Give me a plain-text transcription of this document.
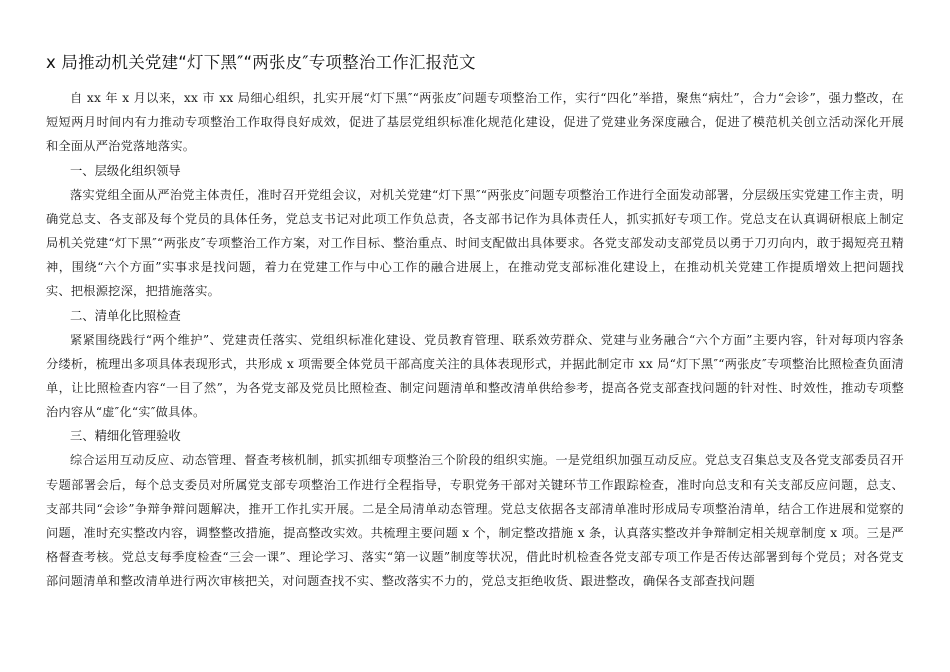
x 局推动机关党建“灯下黑″“两张皮″专项整治工作汇报范文

自 xx 年 x 月以来，xx 市 xx 局细心组织，扎实开展“灯下黑″“两张皮″问题专项整治工作，实行“四化”举措，聚焦“病灶”，合力“会诊”，强力整改，在短短两月时间内有力推动专项整治工作取得良好成效，促进了基层党组织标准化规范化建设，促进了党建业务深度融合，促进了模范机关创立活动深化开展和全面从严治党落地落实。

一、层级化组织领导

落实党组全面从严治党主体责任，准时召开党组会议，对机关党建“灯下黑″“两张皮″问题专项整治工作进行全面发动部署，分层级压实党建工作主责，明确党总支、各支部及每个党员的具体任务，党总支书记对此项工作负总责，各支部书记作为具体责任人，抓实抓好专项工作。党总支在认真调研根底上制定局机关党建“灯下黑″“两张皮″专项整治工作方案，对工作目标、整治重点、时间支配做出具体要求。各党支部发动支部党员以勇于刀刃向内，敢于揭短亮丑精神，围绕“六个方面”实事求是找问题，着力在党建工作与中心工作的融合进展上，在推动党支部标准化建设上，在推动机关党建工作提质增效上把问题找实、把根源挖深，把措施落实。

二、清单化比照检查

紧紧围绕践行“两个维护”、党建责任落实、党组织标准化建设、党员教育管理、联系效劳群众、党建与业务融合“六个方面”主要内容，针对每项内容条分缕析，梳理出多项具体表现形式，共形成 x 项需要全体党员干部高度关注的具体表现形式，并据此制定市 xx 局“灯下黑″“两张皮″专项整治比照检查负面清单，让比照检查内容“一目了然”，为各党支部及党员比照检查、制定问题清单和整改清单供给参考，提高各党支部查找问题的针对性、时效性，推动专项整治内容从“虚″化“实″做具体。

三、精细化管理验收

综合运用互动反应、动态管理、督查考核机制，抓实抓细专项整治三个阶段的组织实施。一是党组织加强互动反应。党总支召集总支及各党支部委员召开专题部署会后，每个总支委员对所属党支部专项整治工作进行全程指导，专职党务干部对关键环节工作跟踪检查，准时向总支和有关支部反应问题，总支、支部共同“会诊”争辩争辩问题解决，推开工作扎实开展。二是全局清单动态管理。党总支依据各支部清单准时形成局专项整治清单，结合工作进展和觉察的问题，准时充实整改内容，调整整改措施，提高整改实效。共梳理主要问题 x 个，制定整改措施 x 条，认真落实整改并争辩制定相关规章制度 x 项。三是严格督查考核。党总支每季度检查“三会一课”、理论学习、落实“第一议题”制度等状况，借此时机检查各党支部专项工作是否传达部署到每个党员；对各党支部问题清单和整改清单进行两次审核把关，对问题查找不实、整改落实不力的，党总支拒绝收货、跟进整改，确保各支部查找问题
